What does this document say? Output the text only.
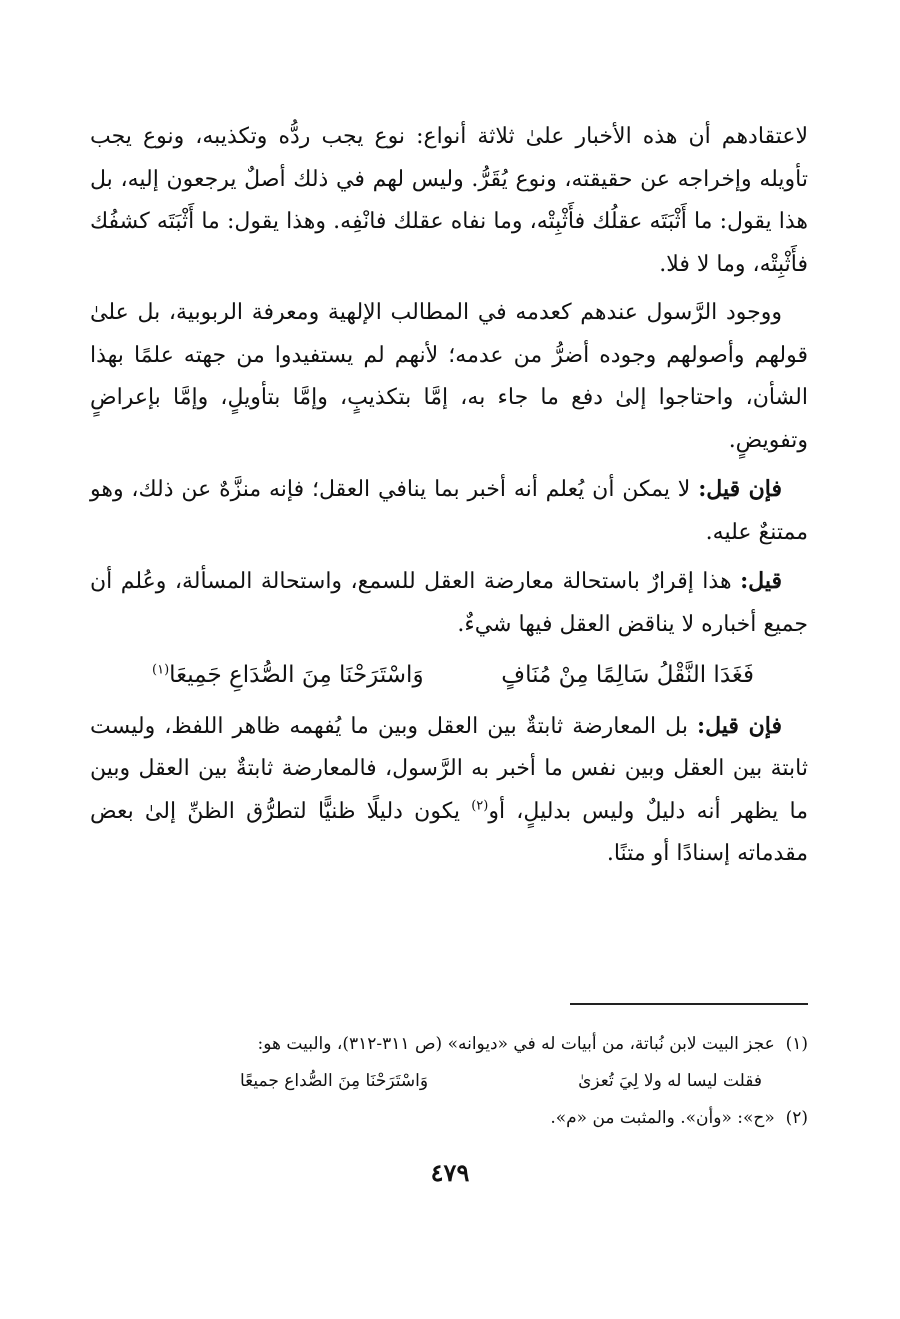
لاعتقادهم أن هذه الأخبار علىٰ ثلاثة أنواع: نوع يجب ردُّه وتكذيبه، ونوع يجب تأويله وإخراجه عن حقيقته، ونوع يُقَرُّ. وليس لهم في ذلك أصلٌ يرجعون إليه، بل هذا يقول: ما أَثْبَتَه عقلُك فأَثْبِتْه، وما نفاه عقلك فانْفِه. وهذا يقول: ما أَثْبَتَه كشفُك فأَثْبِتْه، وما لا فلا.

ووجود الرَّسول عندهم كعدمه في المطالب الإلهية ومعرفة الربوبية، بل علىٰ قولهم وأصولهم وجوده أضرُّ من عدمه؛ لأنهم لم يستفيدوا من جهته علمًا بهذا الشأن، واحتاجوا إلىٰ دفع ما جاء به، إمَّا بتكذيبٍ، وإمَّا بتأويلٍ، وإمَّا بإعراضٍ وتفويضٍ.

فإن قيل: لا يمكن أن يُعلم أنه أخبر بما ينافي العقل؛ فإنه منزَّهٌ عن ذلك، وهو ممتنعٌ عليه.

قيل: هذا إقرارٌ باستحالة معارضة العقل للسمع، واستحالة المسألة، وعُلم أن جميع أخباره لا يناقض العقل فيها شيءٌ.

فَغَدَا النَّقْلُ سَالِمًا مِنْ مُنَافٍ
وَاسْتَرَحْنَا مِنَ الصُّدَاعِ جَمِيعَا$^{(١)}$

فإن قيل: بل المعارضة ثابتةٌ بين العقل وبين ما يُفهمه ظاهر اللفظ، وليست ثابتة بين العقل وبين نفس ما أخبر به الرَّسول، فالمعارضة ثابتةٌ بين العقل وبين ما يظهر أنه دليلٌ وليس بدليلٍ، أو$^{(٢)}$ يكون دليلًا ظنيًّا لتطرُّق الظنِّ إلىٰ بعض مقدماته إسنادًا أو متنًا.

(١)  عجز البيت لابن نُباتة، من أبيات له في «ديوانه» (ص ٣١١-٣١٢)، والبيت هو:

فقلت ليسا له ولا لِيَ تُعزىٰ
وَاسْتَرَحْنَا مِنَ الصُّداع جميعًا

(٢)  «ح»: «وأن». والمثبت من «م».

٤٧٩
